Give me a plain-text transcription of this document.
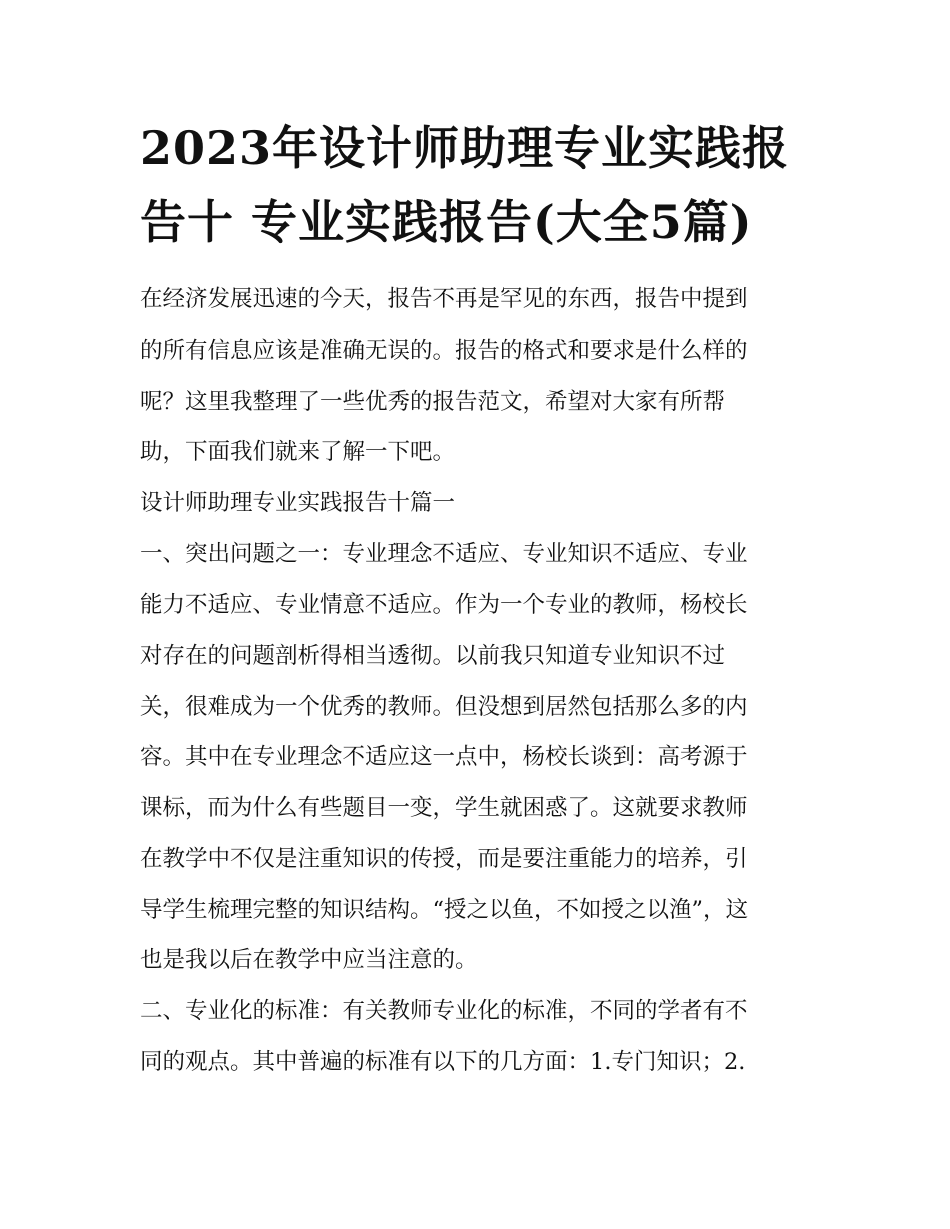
2023年设计师助理专业实践报
告十 专业实践报告(大全5篇)
在经济发展迅速的今天，报告不再是罕见的东西，报告中提到
的所有信息应该是准确无误的。报告的格式和要求是什么样的
呢？这里我整理了一些优秀的报告范文，希望对大家有所帮
助，下面我们就来了解一下吧。
设计师助理专业实践报告十篇一
一、突出问题之一：专业理念不适应、专业知识不适应、专业
能力不适应、专业情意不适应。作为一个专业的教师，杨校长
对存在的问题剖析得相当透彻。以前我只知道专业知识不过
关，很难成为一个优秀的教师。但没想到居然包括那么多的内
容。其中在专业理念不适应这一点中，杨校长谈到：高考源于
课标，而为什么有些题目一变，学生就困惑了。这就要求教师
在教学中不仅是注重知识的传授，而是要注重能力的培养，引
导学生梳理完整的知识结构。“授之以鱼，不如授之以渔”，这
也是我以后在教学中应当注意的。
二、专业化的标准：有关教师专业化的标准，不同的学者有不
同的观点。其中普遍的标准有以下的几方面：1.专门知识；2.
